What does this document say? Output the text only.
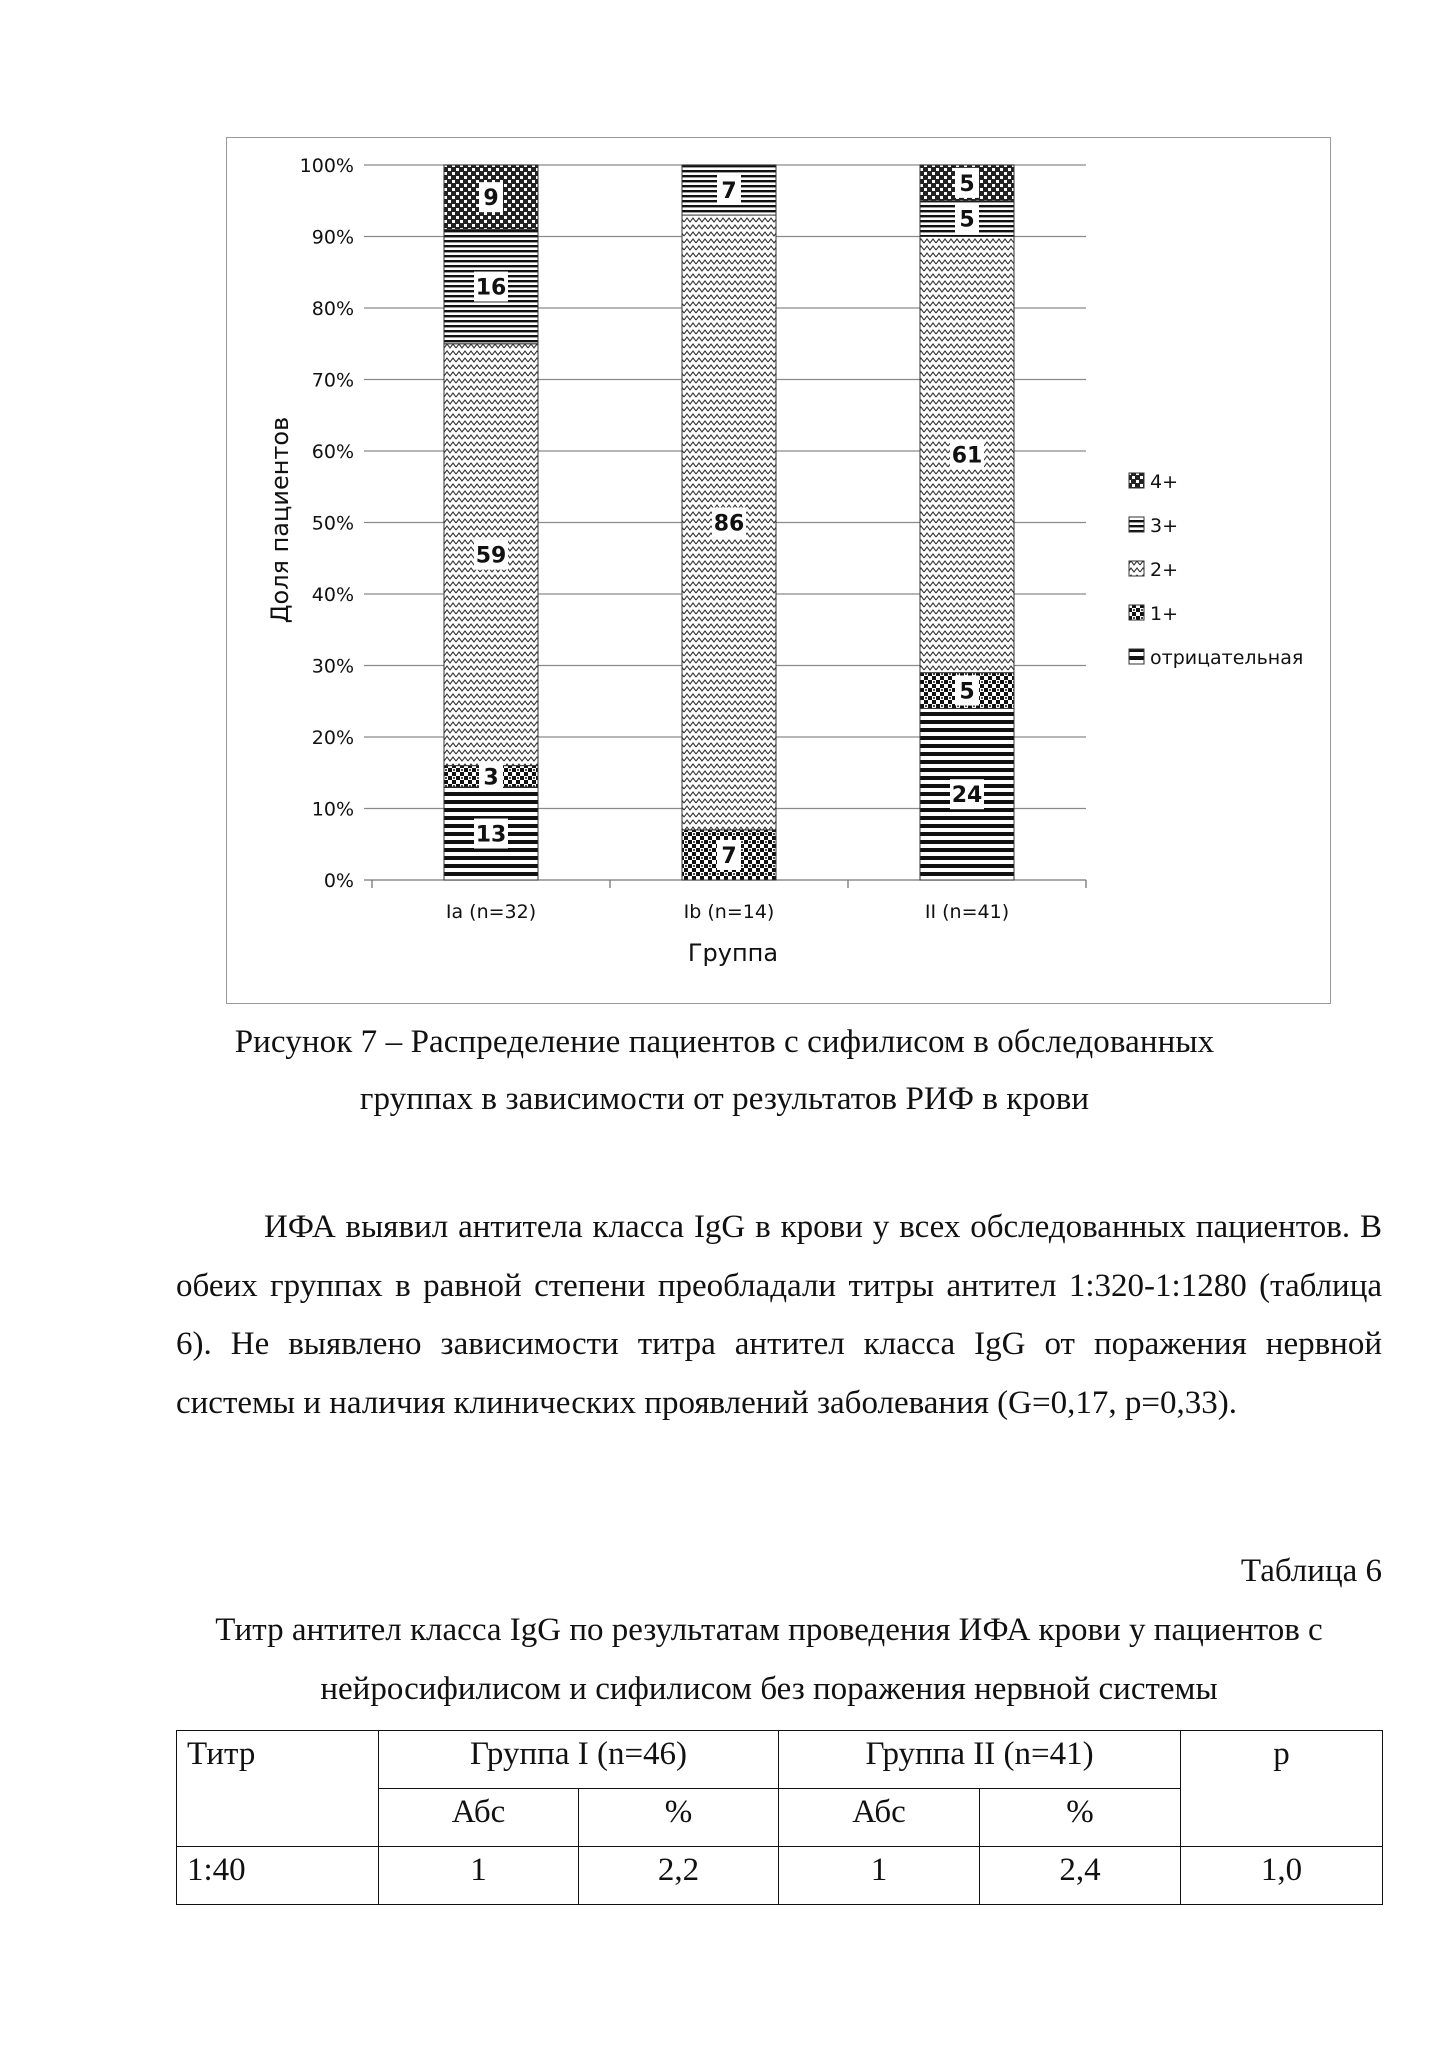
0%
10%
20%
30%
40%
50%
60%
70%
80%
90%
100%
13
3
59
16
9
7
86
7
24
5
61
5
5
Ia (n=32)	Ib (n=14)	II (n=41)
Доля пациентов
Группа
4+
3+
2+
1+
отрицательная
Рисунок 7 – Распределение пациентов с сифилисом в обследованных
группах в зависимости от результатов РИФ в крови

ИФА выявил антитела класса IgG в крови у всех обследованных пациентов. В обеих группах в равной степени преобладали титры антител 1:320-1:1280 (таблица 6). Не выявлено зависимости титра антител класса IgG от поражения нервной системы и наличия клинических проявлений заболевания (G=0,17, p=0,33).

Таблица 6
Титр антител класса IgG по результатам проведения ИФА крови у пациентов с
нейросифилисом и сифилисом без поражения нервной системы
Титр	Группа I (n=46)		Группа II (n=41)		p
	Абс	%	Абс	%	
1:40	1	2,2	1	2,4	1,0
